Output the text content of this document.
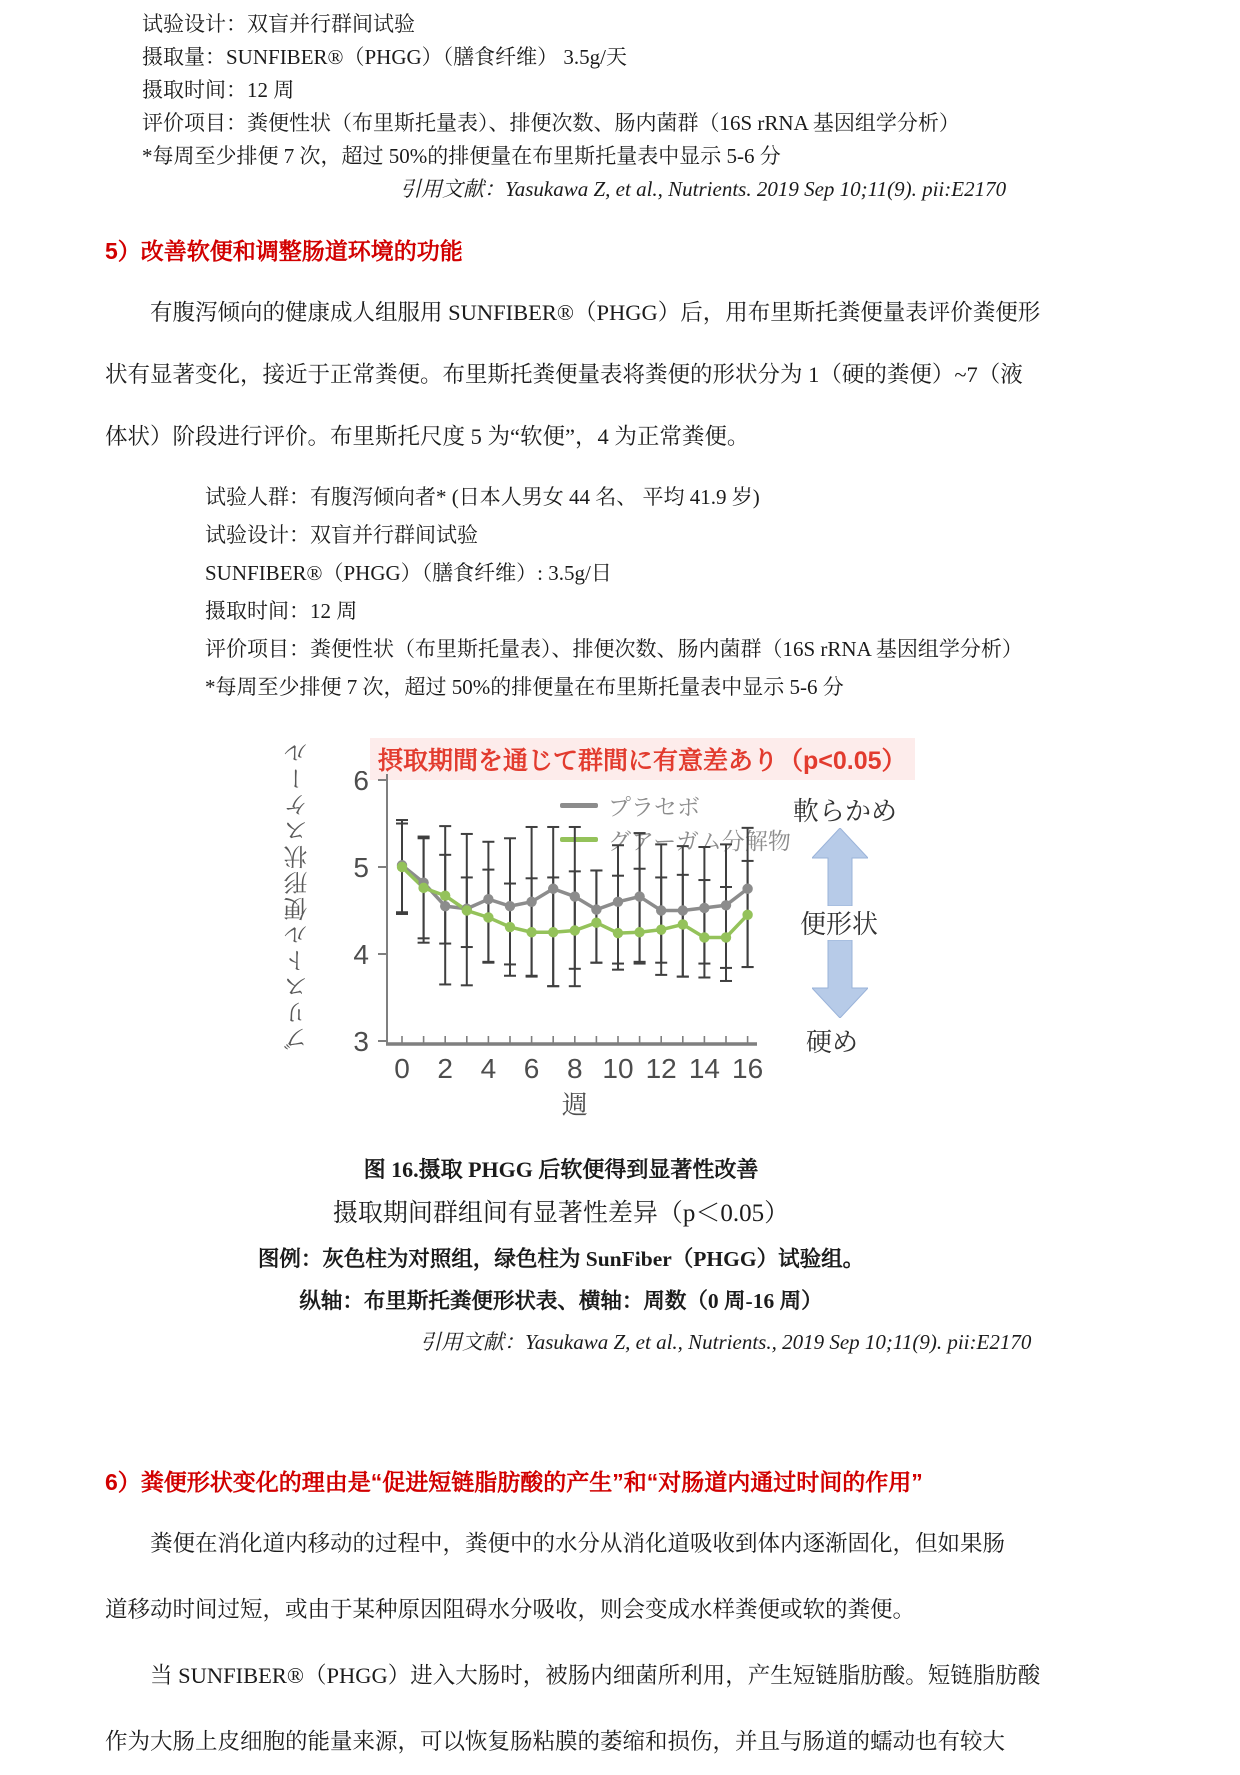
试验设计：双盲并行群间试验
摄取量：SUNFIBER®（PHGG）（膳食纤维） 3.5g/天
摄取时间：12 周
评价项目：粪便性状（布里斯托量表）、排便次数、肠内菌群（16S rRNA 基因组学分析）
*每周至少排便 7 次，超过 50%的排便量在布里斯托量表中显示 5-6 分
引用文献：Yasukawa Z, et al., Nutrients. 2019 Sep 10;11(9). pii:E2170
5）改善软便和调整肠道环境的功能
有腹泻倾向的健康成人组服用 SUNFIBER®（PHGG）后，用布里斯托粪便量表评价粪便形
状有显著变化，接近于正常粪便。布里斯托粪便量表将粪便的形状分为 1（硬的粪便）~7（液
体状）阶段进行评价。布里斯托尺度 5 为“软便”，4 为正常粪便。
试验人群：有腹泻倾向者* (日本人男女 44 名、 平均 41.9 岁)
试验设计：双盲并行群间试验
SUNFIBER®（PHGG）（膳食纤维）: 3.5g/日
摄取时间：12 周
评价项目：粪便性状（布里斯托量表）、排便次数、肠内菌群（16S rRNA 基因组学分析）
*每周至少排便 7 次，超过 50%的排便量在布里斯托量表中显示 5-6 分
摂取期間を通じて群間に有意差あり（p<0.05）
プラセボ
グアーガム分解物
ブリストル便形状スケール 6
5
4
3
0 2 4 6 8 10 12 14 16
週
軟らかめ
便形状
硬め
图 16.摄取 PHGG 后软便得到显著性改善
摄取期间群组间有显著性差异（p＜0.05）
图例：灰色柱为对照组，绿色柱为 SunFiber（PHGG）试验组。
纵轴：布里斯托粪便形状表、横轴：周数（0 周-16 周）
引用文献：Yasukawa Z, et al., Nutrients., 2019 Sep 10;11(9). pii:E2170
6）粪便形状变化的理由是“促进短链脂肪酸的产生”和“对肠道内通过时间的作用”
粪便在消化道内移动的过程中，粪便中的水分从消化道吸收到体内逐渐固化，但如果肠
道移动时间过短，或由于某种原因阻碍水分吸收，则会变成水样粪便或软的粪便。
当 SUNFIBER®（PHGG）进入大肠时，被肠内细菌所利用，产生短链脂肪酸。短链脂肪酸
作为大肠上皮细胞的能量来源，可以恢复肠粘膜的萎缩和损伤，并且与肠道的蠕动也有较大
